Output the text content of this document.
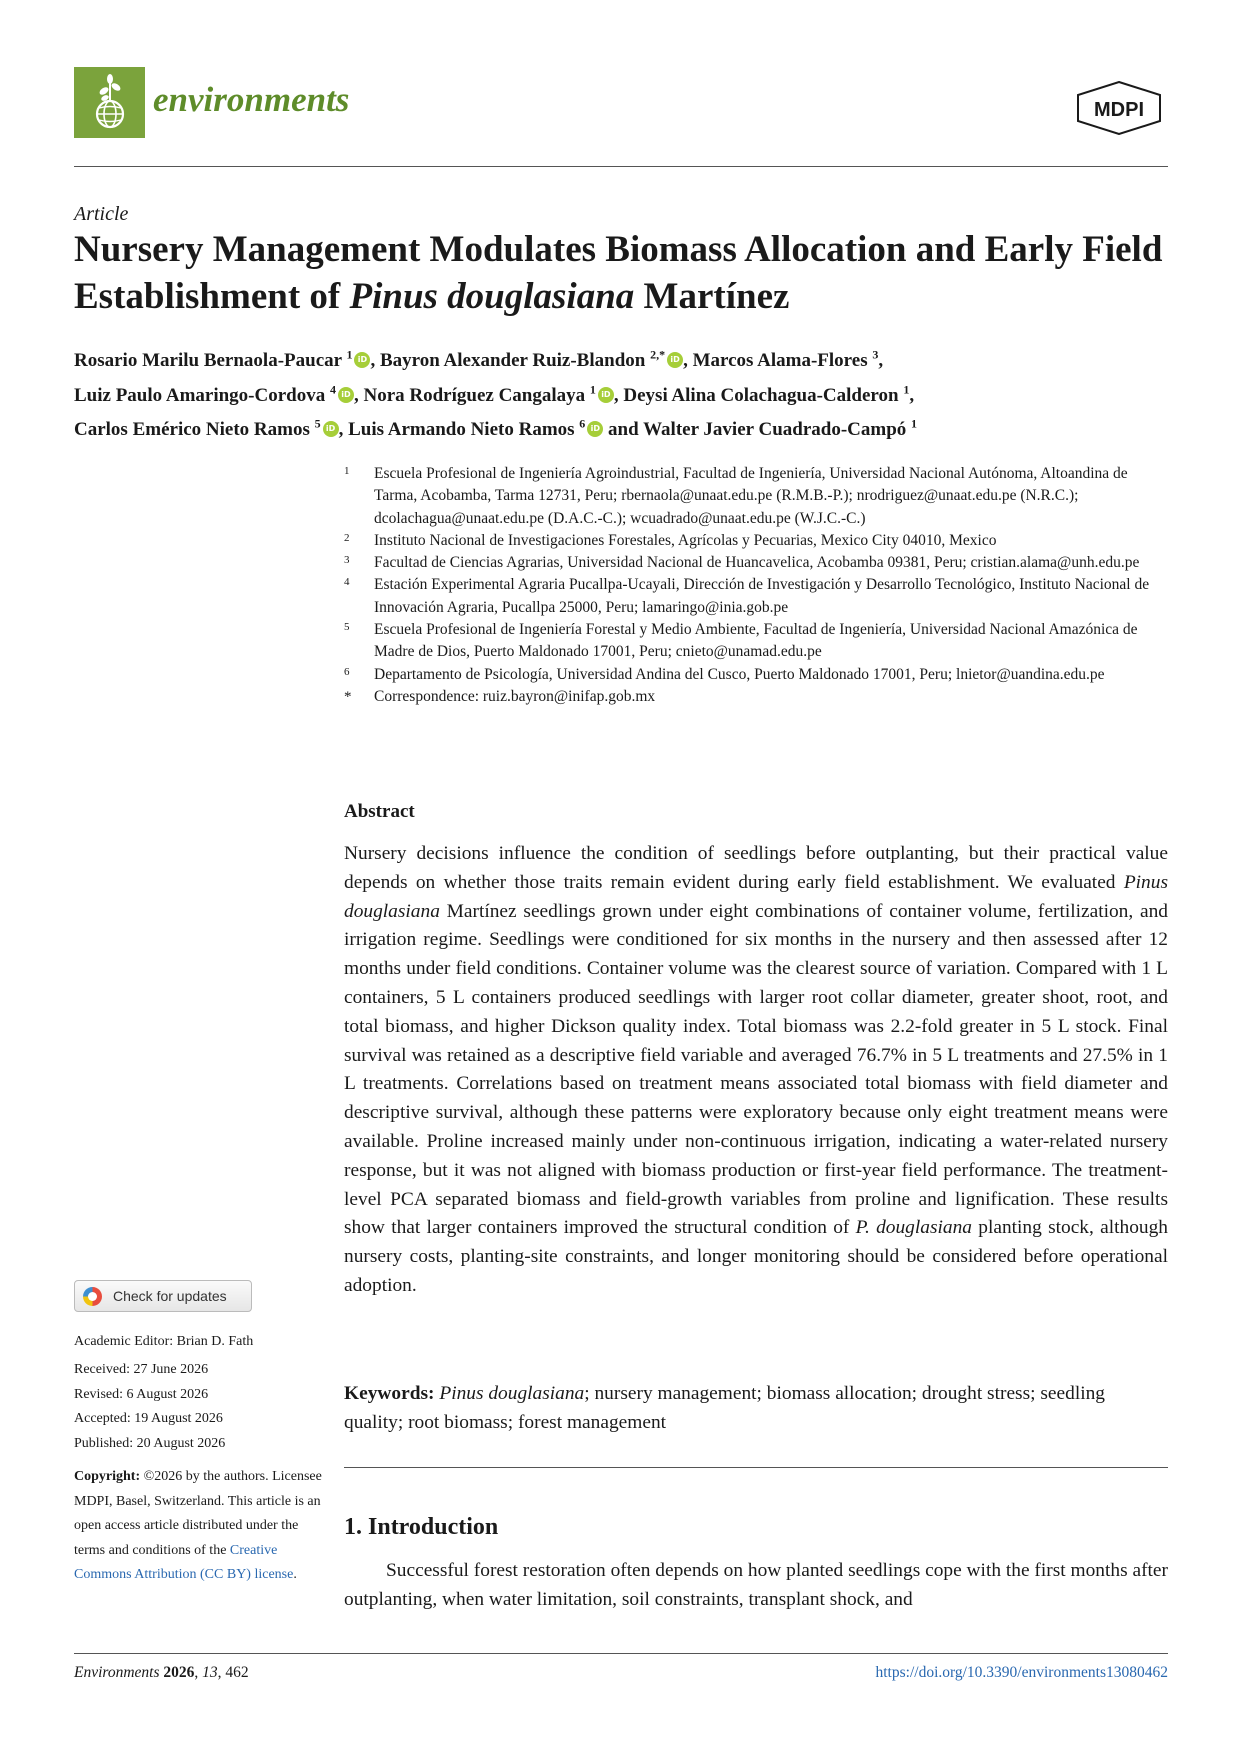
environments	MDPI
Article
Nursery Management Modulates Biomass Allocation and Early Field Establishment of Pinus douglasiana Martínez
Rosario Marilu Bernaola-Paucar $^1$ iD , Bayron Alexander Ruiz-Blandon $^{2,*}$ iD , Marcos Alama-Flores $^3$,
Luiz Paulo Amaringo-Cordova $^4$ iD , Nora Rodríguez Cangalaya $^1$ iD , Deysi Alina Colachagua-Calderon $^1$,
Carlos Emérico Nieto Ramos $^5$ iD , Luis Armando Nieto Ramos $^6$iD and Walter Javier Cuadrado-Campó $^1$
1 Escuela Profesional de Ingeniería Agroindustrial, Facultad de Ingeniería, Universidad Nacional Autónoma, Altoandina de Tarma, Acobamba, Tarma 12731, Peru; rbernaola@unaat.edu.pe (R.M.B.-P.); nrodriguez@unaat.edu.pe (N.R.C.); dcolachagua@unaat.edu.pe (D.A.C.-C.); wcuadrado@unaat.edu.pe (W.J.C.-C.)
2 Instituto Nacional de Investigaciones Forestales, Agrícolas y Pecuarias, Mexico City 04010, Mexico
3 Facultad de Ciencias Agrarias, Universidad Nacional de Huancavelica, Acobamba 09381, Peru; cristian.alama@unh.edu.pe
4 Estación Experimental Agraria Pucallpa-Ucayali, Dirección de Investigación y Desarrollo Tecnológico, Instituto Nacional de Innovación Agraria, Pucallpa 25000, Peru; lamaringo@inia.gob.pe
5 Escuela Profesional de Ingeniería Forestal y Medio Ambiente, Facultad de Ingeniería, Universidad Nacional Amazónica de Madre de Dios, Puerto Maldonado 17001, Peru; cnieto@unamad.edu.pe
6 Departamento de Psicología, Universidad Andina del Cusco, Puerto Maldonado 17001, Peru; lnietor@uandina.edu.pe
* Correspondence: ruiz.bayron@inifap.gob.mx
Abstract
Nursery decisions influence the condition of seedlings before outplanting, but their practical value depends on whether those traits remain evident during early field establishment. We evaluated Pinus douglasiana Martínez seedlings grown under eight combinations of container volume, fertilization, and irrigation regime. Seedlings were conditioned for six months in the nursery and then assessed after 12 months under field conditions. Container volume was the clearest source of variation. Compared with 1 L containers, 5 L containers produced seedlings with larger root collar diameter, greater shoot, root, and total biomass, and higher Dickson quality index. Total biomass was 2.2-fold greater in 5 L stock. Final survival was retained as a descriptive field variable and averaged 76.7% in 5 L treatments and 27.5% in 1 L treatments. Correlations based on treatment means associated total biomass with field diameter and descriptive survival, although these patterns were exploratory because only eight treatment means were available. Proline increased mainly under non-continuous irrigation, indicating a water-related nursery response, but it was not aligned with biomass production or first-year field performance. The treatment-level PCA separated biomass and field-growth variables from proline and lignification. These results show that larger containers improved the structural condition of P. douglasiana planting stock, although nursery costs, planting-site constraints, and longer monitoring should be considered before operational adoption.
Keywords: Pinus douglasiana; nursery management; biomass allocation; drought stress; seedling quality; root biomass; forest management
1. Introduction
Successful forest restoration often depends on how planted seedlings cope with the first months after outplanting, when water limitation, soil constraints, transplant shock, and
Check for updates
Academic Editor: Brian D. Fath
Received: 27 June 2026
Revised: 6 August 2026
Accepted: 19 August 2026
Published: 20 August 2026
Copyright: ©2026 by the authors. Licensee MDPI, Basel, Switzerland. This article is an open access article distributed under the terms and conditions of the Creative Commons Attribution (CC BY) license.
Environments 2026, 13, 462	https://doi.org/10.3390/environments13080462
